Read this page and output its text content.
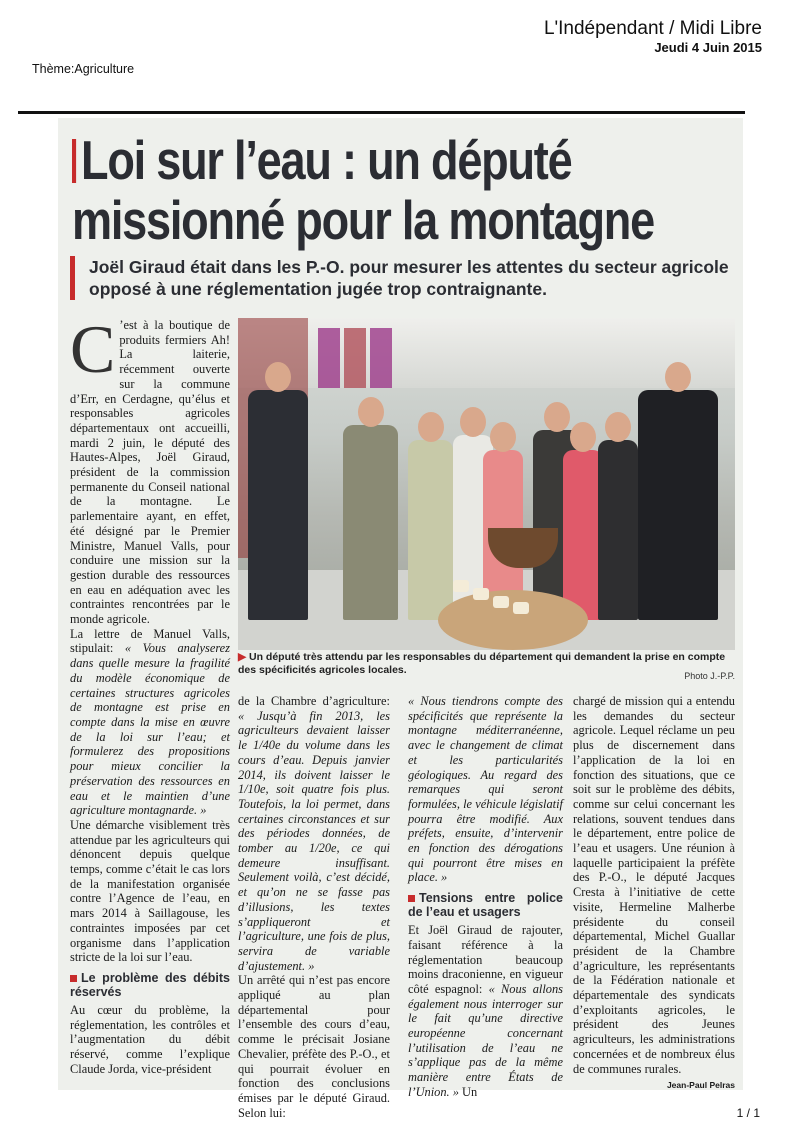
L'Indépendant / Midi Libre
Jeudi 4 Juin 2015
Thème:Agriculture
Loi sur l’eau : un député
missionné pour la montagne
Joël Giraud était dans les P.-O. pour mesurer les attentes du secteur agricole opposé à une réglementation jugée trop contraignante.
▶ Un député très attendu par les responsables du département qui demandent la prise en compte des spécificités agricoles locales.	Photo J.-P.P.

C ’est à la boutique de produits fermiers Ah! La laiterie, récemment ouverte sur la commune d’Err, en Cerdagne, qu’élus et responsables agricoles départementaux ont accueilli, mardi 2 juin, le député des Hautes-Alpes, Joël Giraud, président de la commission permanente du Conseil national de la montagne. Le parlementaire ayant, en effet, été désigné par le Premier Ministre, Manuel Valls, pour conduire une mission sur la gestion durable des ressources en eau en adéquation avec les contraintes rencontrées par le monde agricole.

La lettre de Manuel Valls, stipulait: « Vous analyserez dans quelle mesure la fragilité du modèle économique de certaines structures agricoles de montagne est prise en compte dans la mise en œuvre de la loi sur l’eau; et formulerez des propositions pour mieux concilier la préservation des ressources en eau et le maintien d’une agriculture montagnarde. »

Une démarche visiblement très attendue par les agriculteurs qui dénoncent depuis quelque temps, comme c’était le cas lors de la manifestation organisée contre l’Agence de l’eau, en mars 2014 à Saillagouse, les contraintes imposées par cet organisme dans l’application stricte de la loi sur l’eau.

Le problème des débits réservés

Au cœur du problème, la réglementation, les contrôles et l’augmentation du débit réservé, comme l’explique Claude Jorda, vice-président

de la Chambre d’agriculture: « Jusqu’à fin 2013, les agriculteurs devaient laisser le 1/40e du volume dans les cours d’eau. Depuis janvier 2014, ils doivent laisser le 1/10e, soit quatre fois plus. Toutefois, la loi permet, dans certaines circonstances et sur des périodes données, de tomber au 1/20e, ce qui demeure insuffisant. Seulement voilà, c’est décidé, et qu’on ne se fasse pas d’illusions, les textes s’appliqueront et l’agriculture, une fois de plus, servira de variable d’ajustement. »

Un arrêté qui n’est pas encore appliqué au plan départemental pour l’ensemble des cours d’eau, comme le précisait Josiane Chevalier, préfète des P.-O., et qui pourrait évoluer en fonction des conclusions émises par le député Giraud. Selon lui:

« Nous tiendrons compte des spécificités que représente la montagne méditerranéenne, avec le changement de climat et les particularités géologiques. Au regard des remarques qui seront formulées, le véhicule législatif pourra être modifié. Aux préfets, ensuite, d’intervenir en fonction des dérogations qui pourront être mises en place. »

Tensions entre police de l’eau et usagers

Et Joël Giraud de rajouter, faisant référence à la réglementation beaucoup moins draconienne, en vigueur côté espagnol: « Nous allons également nous interroger sur le fait qu’une directive européenne concernant l’utilisation de l’eau ne s’applique pas de la même manière entre États de l’Union. » Un

chargé de mission qui a entendu les demandes du secteur agricole. Lequel réclame un peu plus de discernement dans l’application de la loi en fonction des situations, que ce soit sur le problème des débits, comme sur celui concernant les relations, souvent tendues dans le département, entre police de l’eau et usagers. Une réunion à laquelle participaient la préfète des P.-O., le député Jacques Cresta à l’initiative de cette visite, Hermeline Malherbe présidente du conseil départemental, Michel Guallar président de la Chambre d’agriculture, les représentants de la Fédération nationale et départementale des syndicats d’exploitants agricoles, le président des Jeunes agriculteurs, les administrations concernées et de nombreux élus de communes rurales.

Jean-Paul Pelras
1 / 1
